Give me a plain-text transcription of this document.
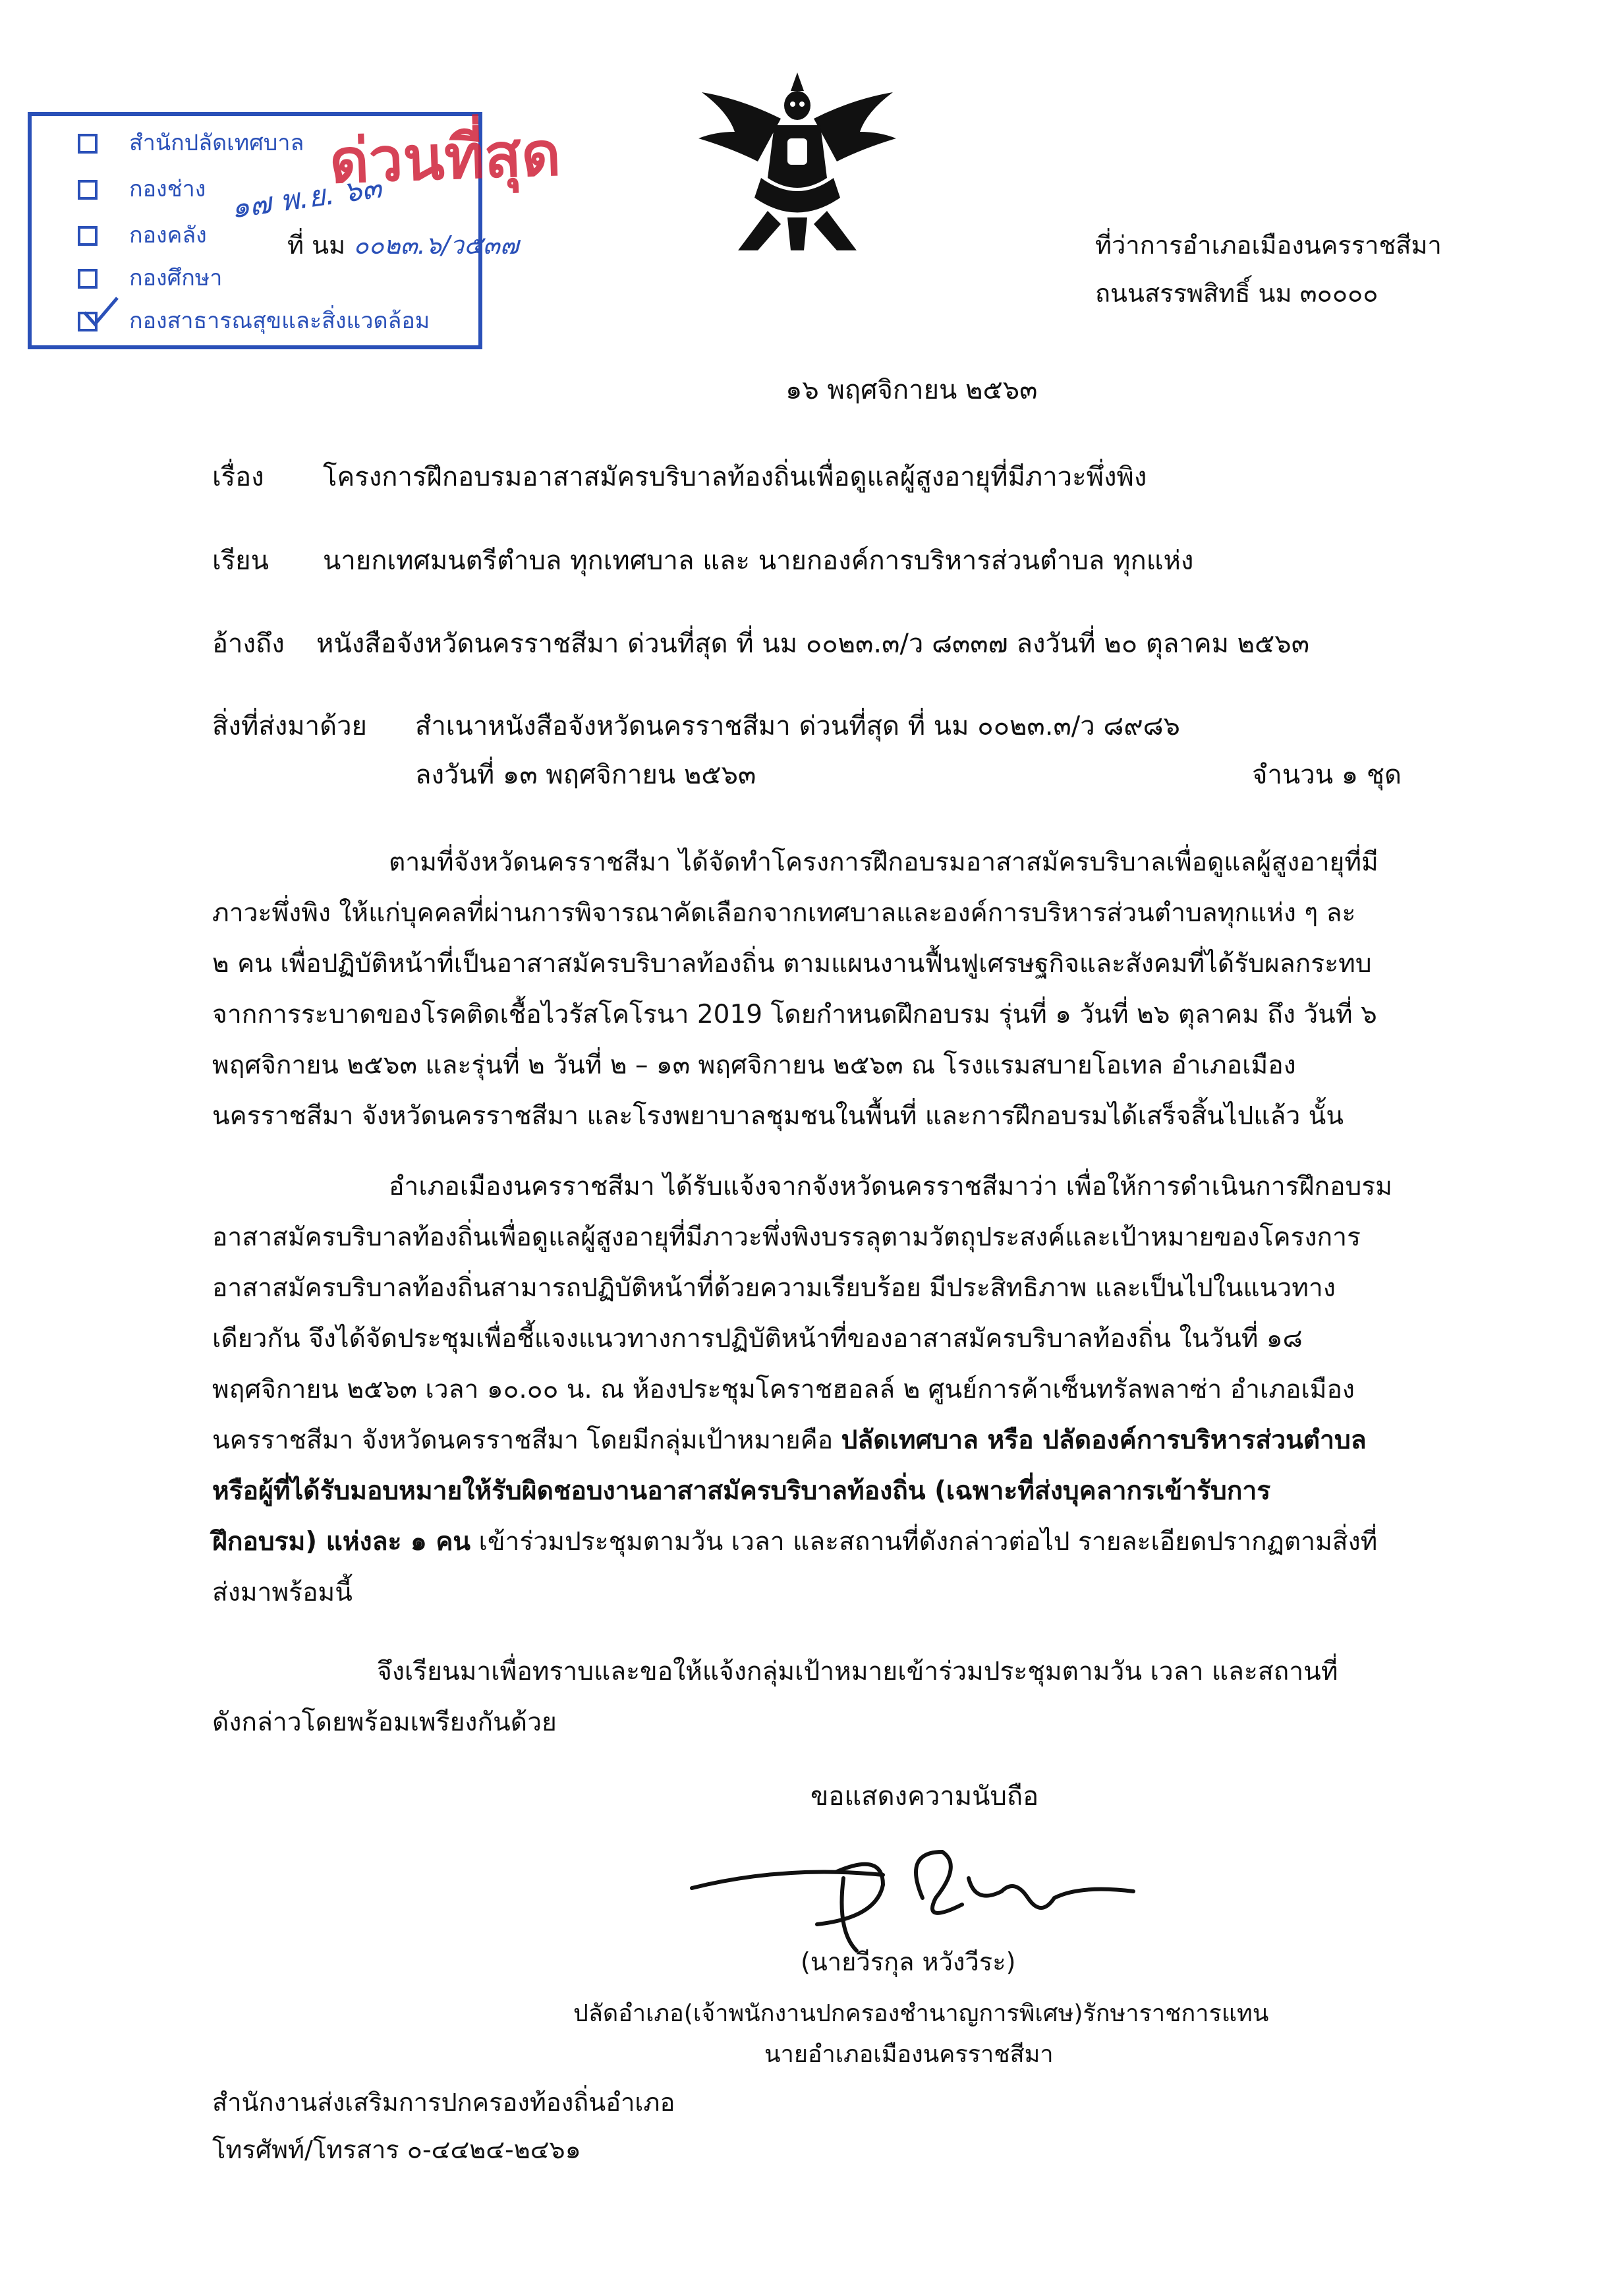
สำนักปลัดเทศบาล
กองช่าง
กองคลัง
กองศึกษา
กองสาธารณสุขและสิ่งแวดล้อม
ด่วนที่สุด
๑๗ พ.ย. ๖๓
ที่ นม ๐๐๒๓.๖/ว๕๓๗	ที่ว่าการอำเภอเมืองนครราชสีมา
ถนนสรรพสิทธิ์ นม ๓๐๐๐๐
๑๖ พฤศจิกายน ๒๕๖๓
เรื่อง โครงการฝึกอบรมอาสาสมัครบริบาลท้องถิ่นเพื่อดูแลผู้สูงอายุที่มีภาวะพึ่งพิง
เรียน นายกเทศมนตรีตำบล ทุกเทศบาล และ นายกองค์การบริหารส่วนตำบล ทุกแห่ง
อ้างถึง หนังสือจังหวัดนครราชสีมา ด่วนที่สุด ที่ นม ๐๐๒๓.๓/ว ๘๓๓๗ ลงวันที่ ๒๐ ตุลาคม ๒๕๖๓
สิ่งที่ส่งมาด้วย สำเนาหนังสือจังหวัดนครราชสีมา ด่วนที่สุด ที่ นม ๐๐๒๓.๓/ว ๘๙๘๖
ลงวันที่ ๑๓ พฤศจิกายน ๒๕๖๓	จำนวน ๑ ชุด
ตามที่จังหวัดนครราชสีมา ได้จัดทำโครงการฝึกอบรมอาสาสมัครบริบาลเพื่อดูแลผู้สูงอายุที่มี
ภาวะพึ่งพิง ให้แก่บุคคลที่ผ่านการพิจารณาคัดเลือกจากเทศบาลและองค์การบริหารส่วนตำบลทุกแห่ง ๆ ละ
๒ คน เพื่อปฏิบัติหน้าที่เป็นอาสาสมัครบริบาลท้องถิ่น ตามแผนงานฟื้นฟูเศรษฐกิจและสังคมที่ได้รับผลกระทบ
จากการระบาดของโรคติดเชื้อไวรัสโคโรนา 2019 โดยกำหนดฝึกอบรม รุ่นที่ ๑ วันที่ ๒๖ ตุลาคม ถึง วันที่ ๖
พฤศจิกายน ๒๕๖๓ และรุ่นที่ ๒ วันที่ ๒ – ๑๓ พฤศจิกายน ๒๕๖๓ ณ โรงแรมสบายโอเทล อำเภอเมือง
นครราชสีมา จังหวัดนครราชสีมา และโรงพยาบาลชุมชนในพื้นที่ และการฝึกอบรมได้เสร็จสิ้นไปแล้ว นั้น
อำเภอเมืองนครราชสีมา ได้รับแจ้งจากจังหวัดนครราชสีมาว่า เพื่อให้การดำเนินการฝึกอบรม
อาสาสมัครบริบาลท้องถิ่นเพื่อดูแลผู้สูงอายุที่มีภาวะพึ่งพิงบรรลุตามวัตถุประสงค์และเป้าหมายของโครงการ
อาสาสมัครบริบาลท้องถิ่นสามารถปฏิบัติหน้าที่ด้วยความเรียบร้อย มีประสิทธิภาพ และเป็นไปในแนวทาง
เดียวกัน จึงได้จัดประชุมเพื่อชี้แจงแนวทางการปฏิบัติหน้าที่ของอาสาสมัครบริบาลท้องถิ่น ในวันที่ ๑๘
พฤศจิกายน ๒๕๖๓ เวลา ๑๐.๐๐ น. ณ ห้องประชุมโคราชฮอลล์ ๒ ศูนย์การค้าเซ็นทรัลพลาซ่า อำเภอเมือง
นครราชสีมา จังหวัดนครราชสีมา โดยมีกลุ่มเป้าหมายคือ ปลัดเทศบาล หรือ ปลัดองค์การบริหารส่วนตำบล
หรือผู้ที่ได้รับมอบหมายให้รับผิดชอบงานอาสาสมัครบริบาลท้องถิ่น (เฉพาะที่ส่งบุคลากรเข้ารับการ
ฝึกอบรม) แห่งละ ๑ คน เข้าร่วมประชุมตามวัน เวลา และสถานที่ดังกล่าวต่อไป รายละเอียดปรากฏตามสิ่งที่
ส่งมาพร้อมนี้
จึงเรียนมาเพื่อทราบและขอให้แจ้งกลุ่มเป้าหมายเข้าร่วมประชุมตามวัน เวลา และสถานที่
ดังกล่าวโดยพร้อมเพรียงกันด้วย
ขอแสดงความนับถือ
(นายวีรกุล หวังวีระ)
ปลัดอำเภอ(เจ้าพนักงานปกครองชำนาญการพิเศษ)รักษาราชการแทน
นายอำเภอเมืองนครราชสีมา
สำนักงานส่งเสริมการปกครองท้องถิ่นอำเภอ
โทรศัพท์/โทรสาร ๐-๔๔๒๔-๒๔๖๑
